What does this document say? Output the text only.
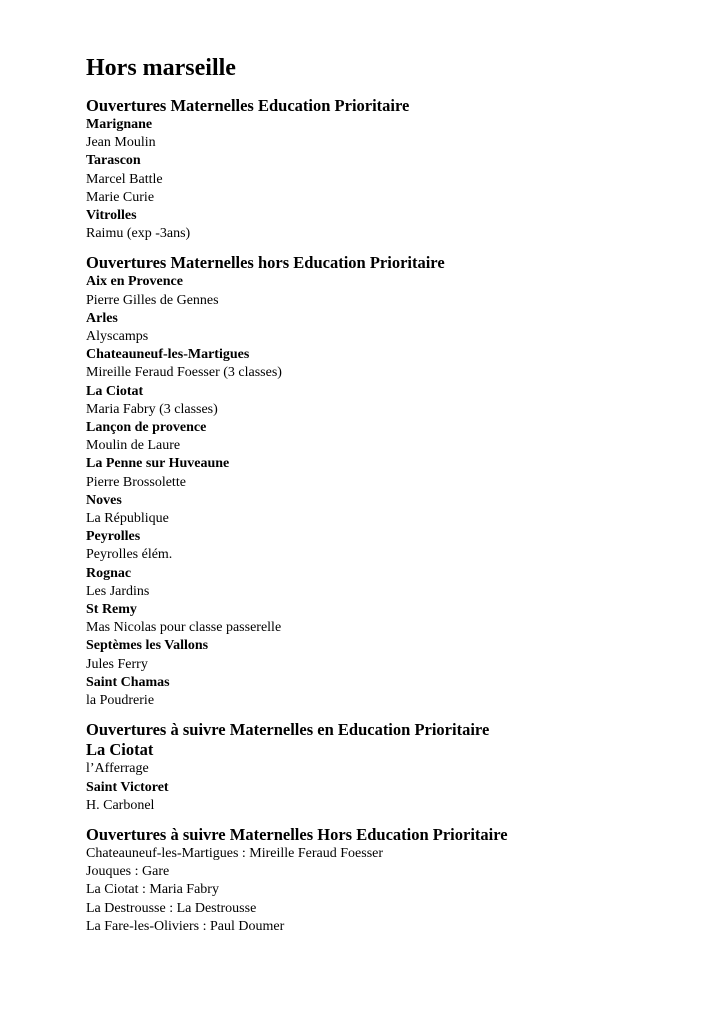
Hors marseille
Ouvertures Maternelles Education Prioritaire
Marignane
Jean Moulin
Tarascon
Marcel Battle
Marie Curie
Vitrolles
Raimu (exp -3ans)
Ouvertures Maternelles hors Education Prioritaire
Aix en Provence
Pierre Gilles de Gennes
Arles
Alyscamps
Chateauneuf-les-Martigues
Mireille Feraud Foesser (3 classes)
La Ciotat
Maria Fabry (3 classes)
Lançon de provence
Moulin de Laure
La Penne sur Huveaune
Pierre Brossolette
Noves
La République
Peyrolles
Peyrolles élém.
Rognac
Les Jardins
St Remy
Mas Nicolas pour classe passerelle
Septèmes les Vallons
Jules Ferry
Saint Chamas
la Poudrerie
Ouvertures à suivre Maternelles en Education Prioritaire
La Ciotat
l’Afferrage
Saint Victoret
H. Carbonel
Ouvertures à suivre Maternelles Hors Education Prioritaire
Chateauneuf-les-Martigues : Mireille Feraud Foesser
Jouques : Gare
La Ciotat : Maria Fabry
La Destrousse : La Destrousse
La Fare-les-Oliviers : Paul Doumer
